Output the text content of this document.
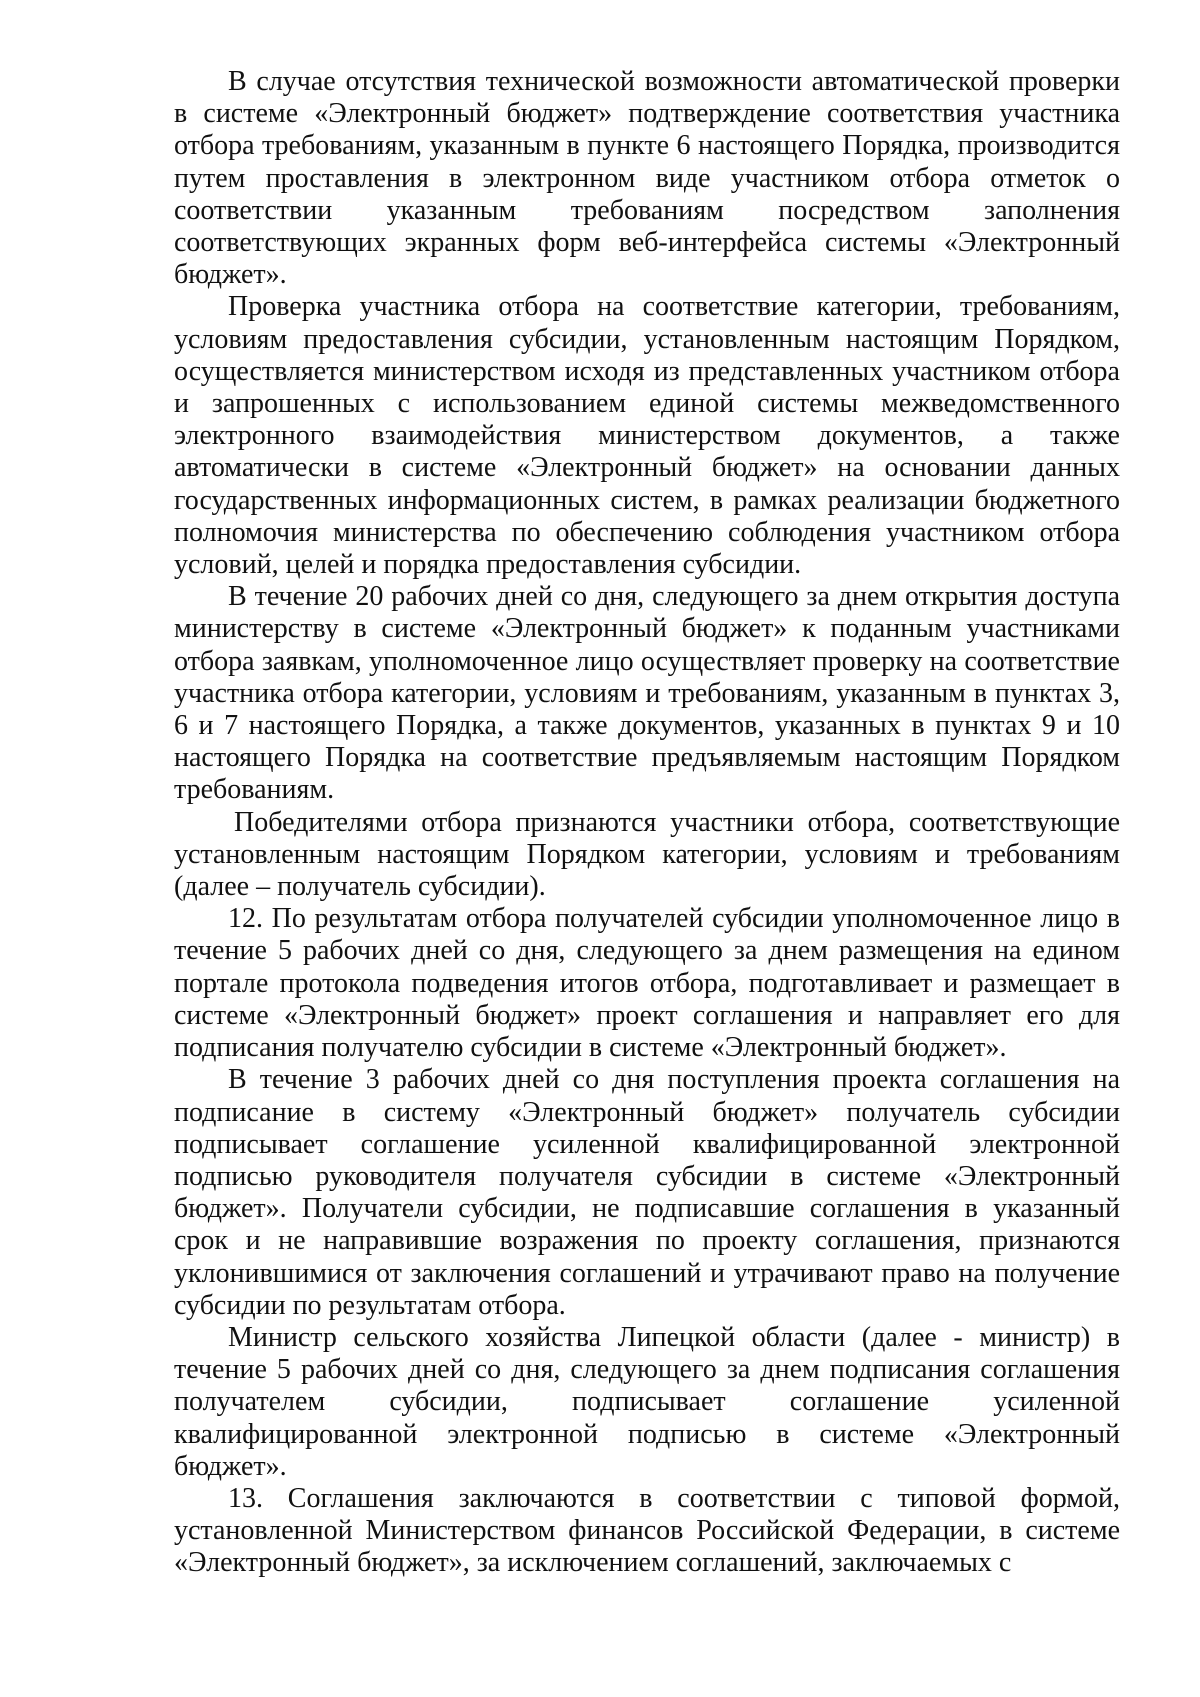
В случае отсутствия технической возможности автоматической проверки в системе «Электронный бюджет» подтверждение соответствия участника отбора требованиям, указанным в пункте 6 настоящего Порядка, производится путем проставления в электронном виде участником отбора отметок о соответствии указанным требованиям посредством заполнения соответствующих экранных форм веб-интерфейса системы «Электронный бюджет».

Проверка участника отбора на соответствие категории, требованиям, условиям предоставления субсидии, установленным настоящим Порядком, осуществляется министерством исходя из представленных участником отбора и запрошенных с использованием единой системы межведомственного электронного взаимодействия министерством документов, а также автоматически в системе «Электронный бюджет» на основании данных государственных информационных систем, в рамках реализации бюджетного полномочия министерства по обеспечению соблюдения участником отбора условий, целей и порядка предоставления субсидии.

В течение 20 рабочих дней со дня, следующего за днем открытия доступа министерству в системе «Электронный бюджет» к поданным участниками отбора заявкам, уполномоченное лицо осуществляет проверку на соответствие участника отбора категории, условиям и требованиям, указанным в пунктах 3, 6 и 7 настоящего Порядка, а также документов, указанных в пунктах 9 и 10 настоящего Порядка на соответствие предъявляемым настоящим Порядком требованиям.

Победителями отбора признаются участники отбора, соответствующие установленным настоящим Порядком категории, условиям и требованиям (далее – получатель субсидии).

12. По результатам отбора получателей субсидии уполномоченное лицо в течение 5 рабочих дней со дня, следующего за днем размещения на едином портале протокола подведения итогов отбора, подготавливает и размещает в системе «Электронный бюджет» проект соглашения и направляет его для подписания получателю субсидии в системе «Электронный бюджет».

В течение 3 рабочих дней со дня поступления проекта соглашения на подписание в систему «Электронный бюджет» получатель субсидии подписывает соглашение усиленной квалифицированной электронной подписью руководителя получателя субсидии в системе «Электронный бюджет». Получатели субсидии, не подписавшие соглашения в указанный срок и не направившие возражения по проекту соглашения, признаются уклонившимися от заключения соглашений и утрачивают право на получение субсидии по результатам отбора.

Министр сельского хозяйства Липецкой области (далее - министр) в течение 5 рабочих дней со дня, следующего за днем подписания соглашения получателем субсидии, подписывает соглашение усиленной квалифицированной электронной подписью в системе «Электронный бюджет».

13. Соглашения заключаются в соответствии с типовой формой, установленной Министерством финансов Российской Федерации, в системе «Электронный бюджет», за исключением соглашений, заключаемых с
